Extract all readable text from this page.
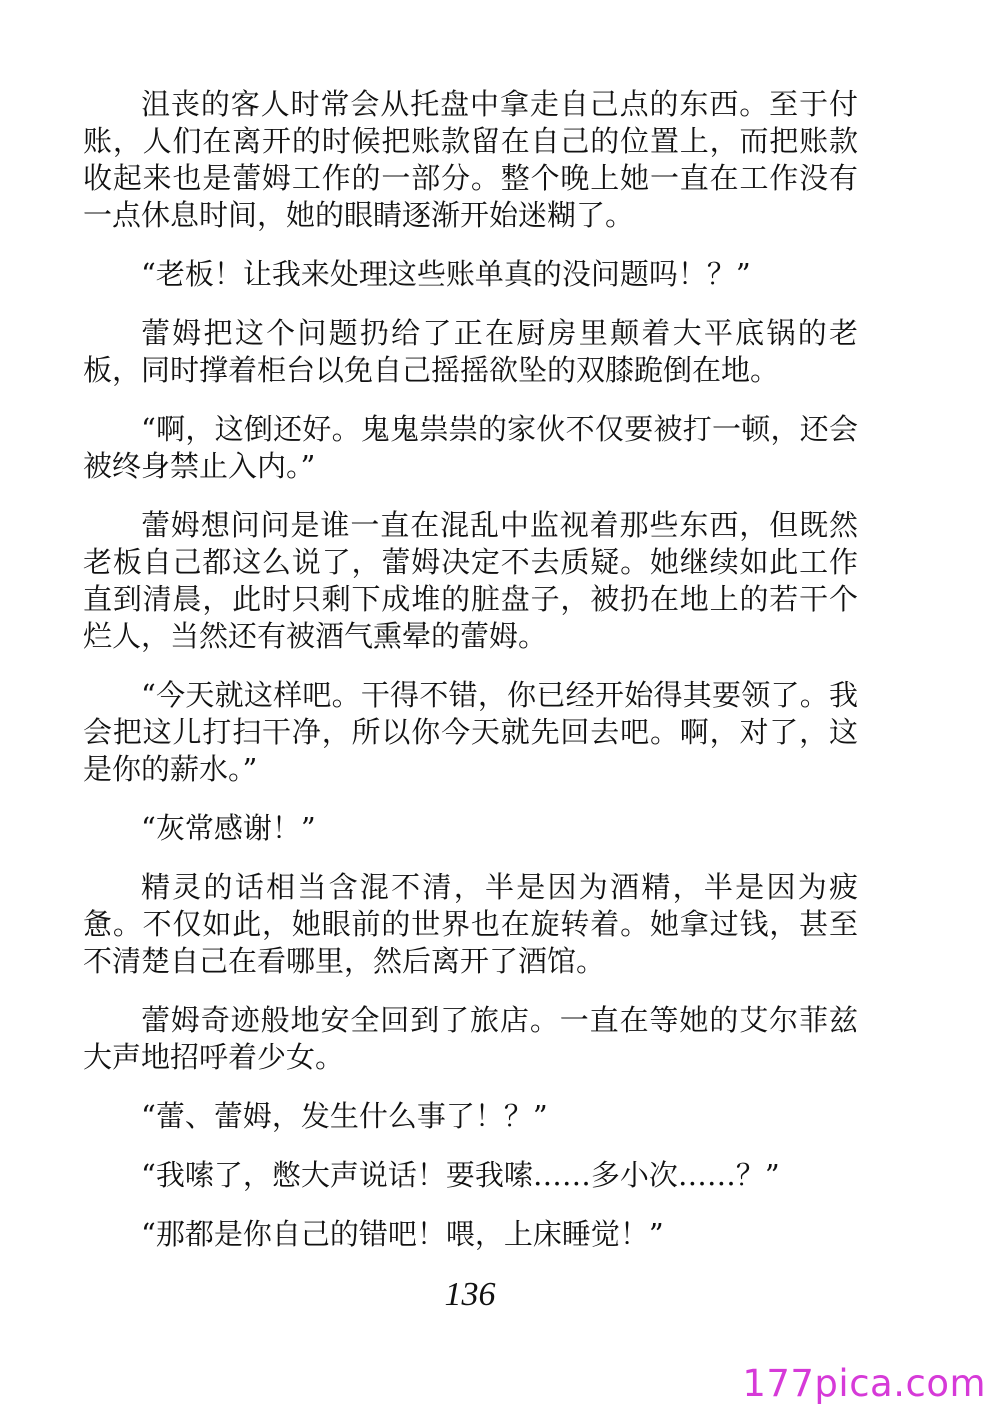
沮丧的客人时常会从托盘中拿走自己点的东西。至于付账，人们在离开的时候把账款留在自己的位置上，而把账款收起来也是蕾姆工作的一部分。整个晚上她一直在工作没有一点休息时间，她的眼睛逐渐开始迷糊了。

“老板！让我来处理这些账单真的没问题吗！？”

蕾姆把这个问题扔给了正在厨房里颠着大平底锅的老板，同时撑着柜台以免自己摇摇欲坠的双膝跪倒在地。

“啊，这倒还好。鬼鬼祟祟的家伙不仅要被打一顿，还会被终身禁止入内。”

蕾姆想问问是谁一直在混乱中监视着那些东西，但既然老板自己都这么说了，蕾姆决定不去质疑。她继续如此工作直到清晨，此时只剩下成堆的脏盘子，被扔在地上的若干个烂人，当然还有被酒气熏晕的蕾姆。

“今天就这样吧。干得不错，你已经开始得其要领了。我会把这儿打扫干净，所以你今天就先回去吧。啊，对了，这是你的薪水。”

“灰常感谢！”

精灵的话相当含混不清，半是因为酒精，半是因为疲惫。不仅如此，她眼前的世界也在旋转着。她拿过钱，甚至不清楚自己在看哪里，然后离开了酒馆。

蕾姆奇迹般地安全回到了旅店。一直在等她的艾尔菲兹大声地招呼着少女。

“蕾、蕾姆，发生什么事了！？”

“我嗦了，憋大声说话！要我嗦……多小次……？”

“那都是你自己的错吧！喂，上床睡觉！”

136
177pica.com
